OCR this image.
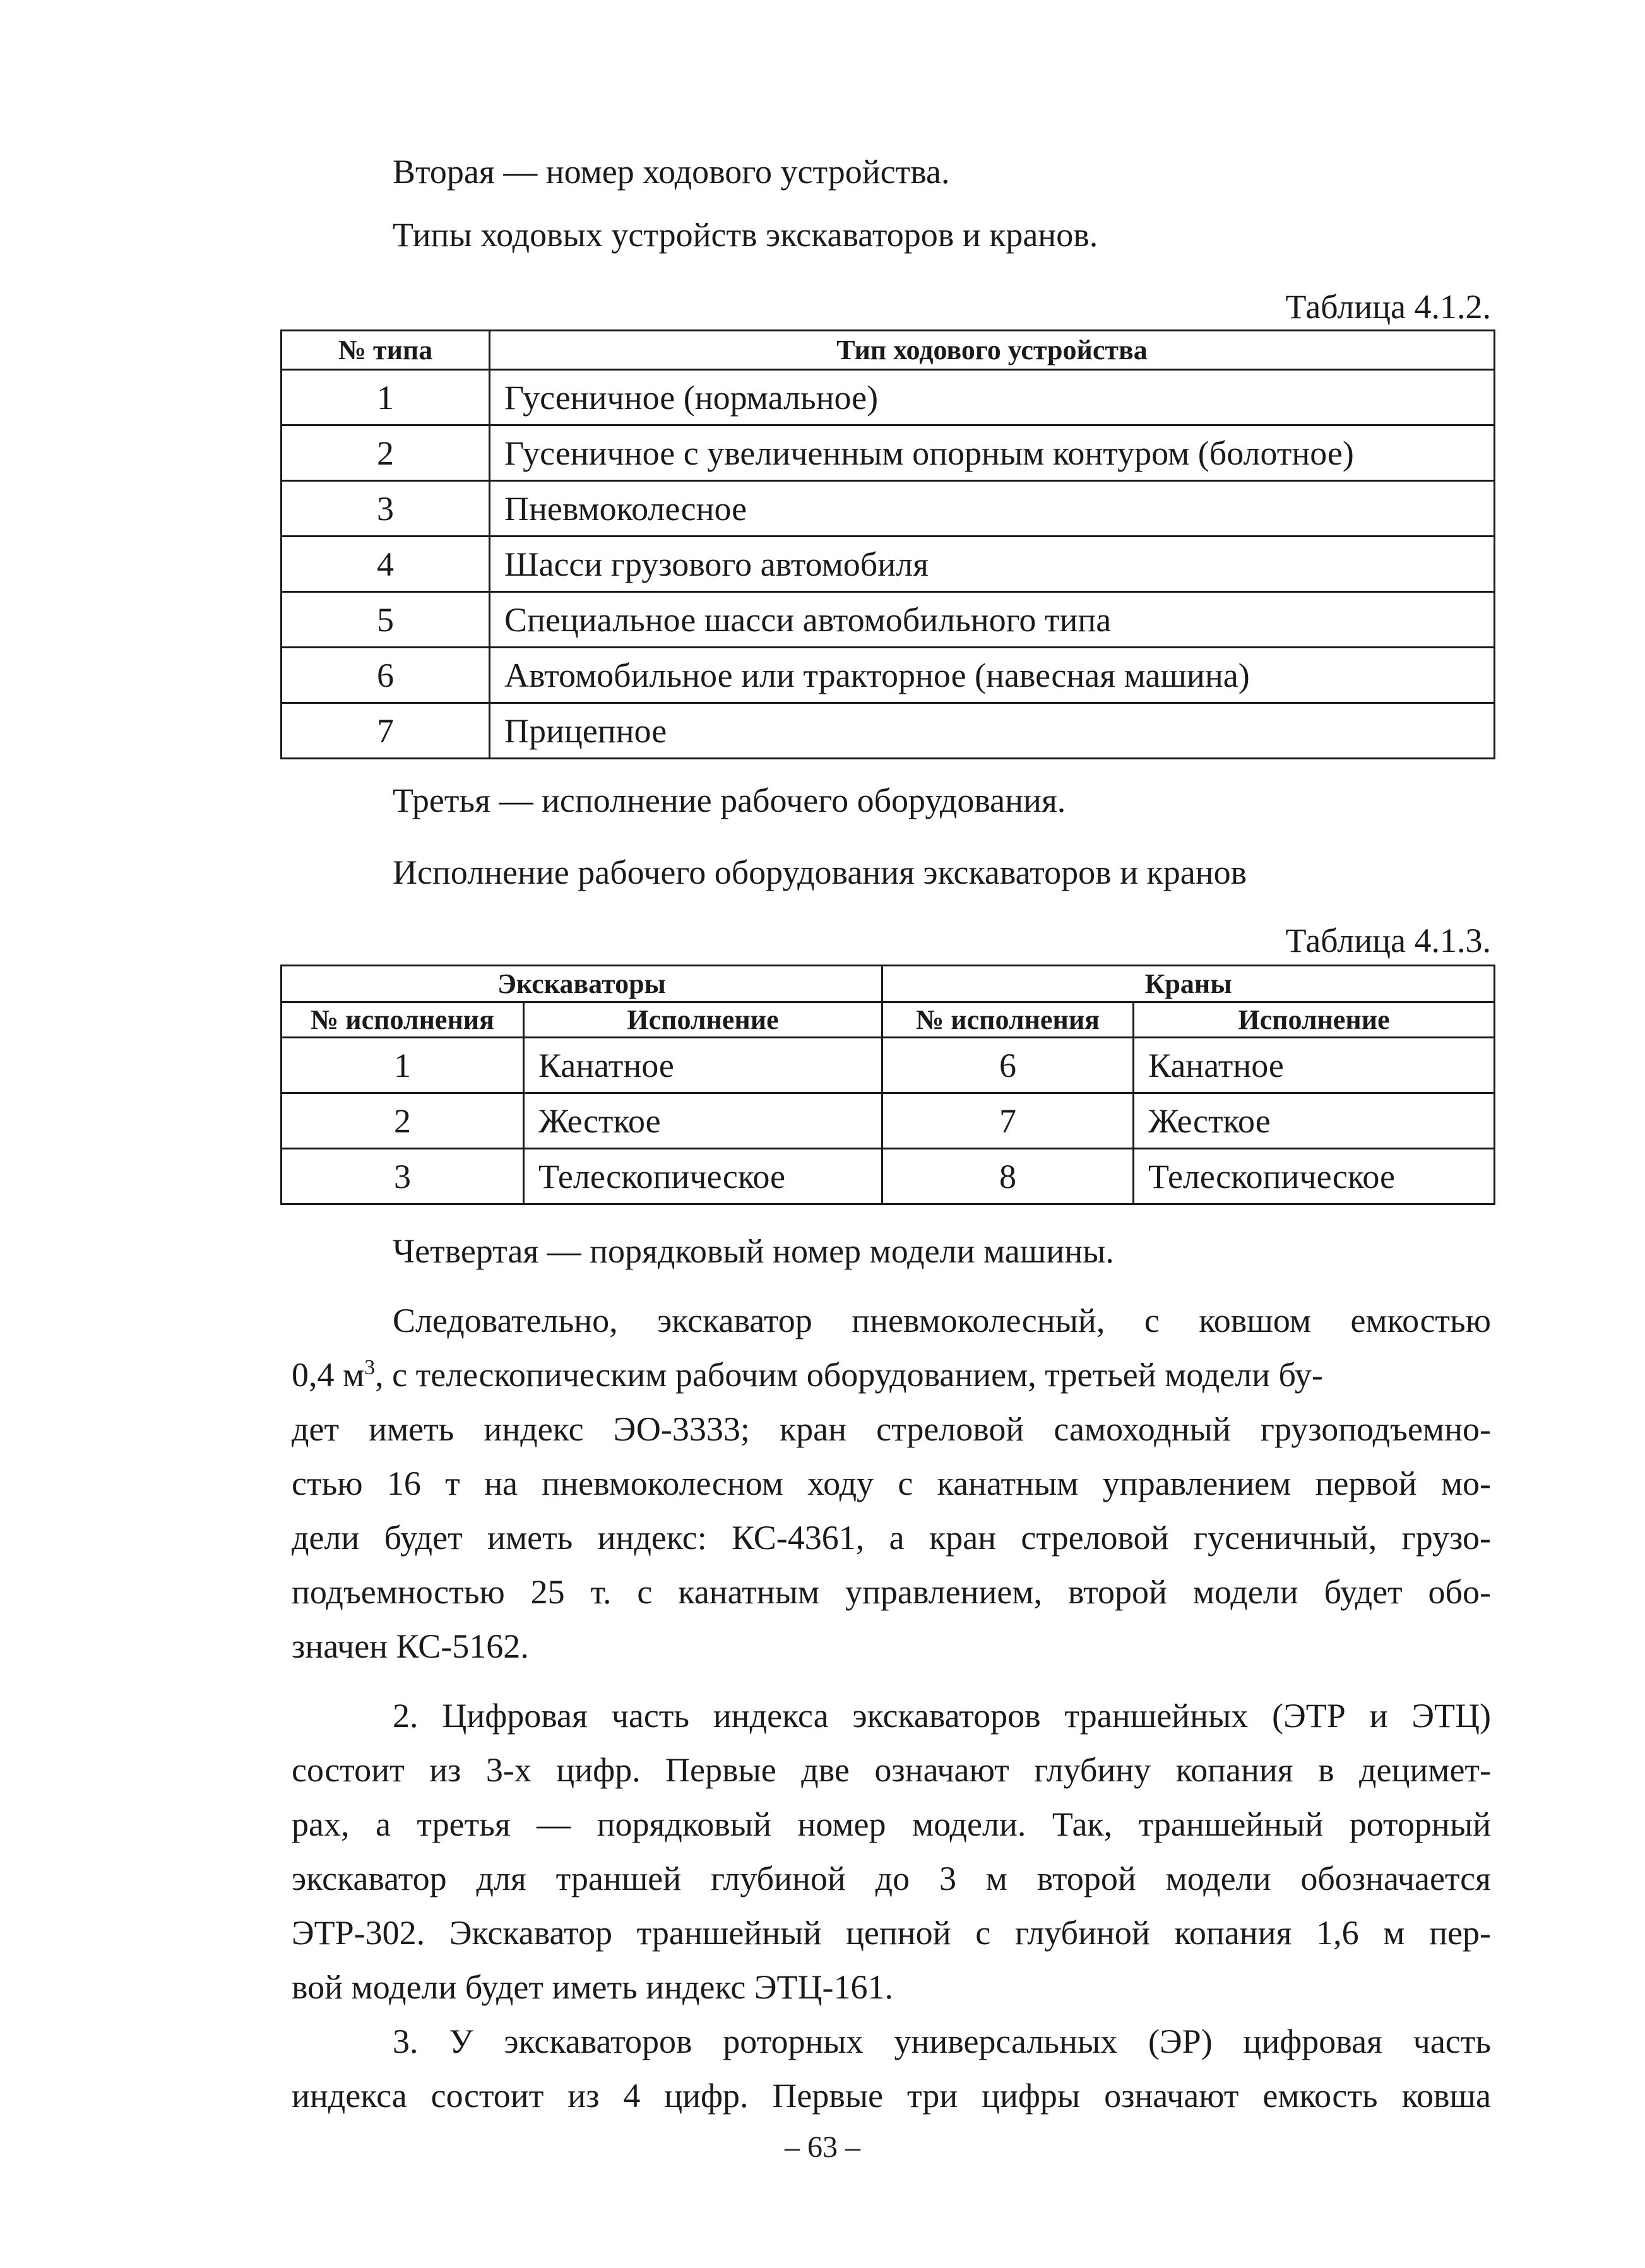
Вторая — номер ходового устройства.
Типы ходовых устройств экскаваторов и кранов.
Таблица 4.1.2.
№ типа	Тип ходового устройства
1	Гусеничное (нормальное)
2	Гусеничное с увеличенным опорным контуром (болотное)
3	Пневмоколесное
4	Шасси грузового автомобиля
5	Специальное шасси автомобильного типа
6	Автомобильное или тракторное (навесная машина)
7	Прицепное
Третья — исполнение рабочего оборудования.
Исполнение рабочего оборудования экскаваторов и кранов
Таблица 4.1.3.
Экскаваторы		Краны	
№ исполнения	Исполнение	№ исполнения	Исполнение
1	Канатное	6	Канатное
2	Жесткое	7	Жесткое
3	Телескопическое	8	Телескопическое
Четвертая — порядковый номер модели машины.
Следовательно, экскаватор пневмоколесный, с ковшом емкостью
0,4 $м^3$, с телескопическим рабочим оборудованием, третьей модели бу-
дет иметь индекс ЭО-3333; кран стреловой самоходный грузоподъемно-
стью 16 т на пневмоколесном ходу с канатным управлением первой мо-
дели будет иметь индекс: КС-4361, а кран стреловой гусеничный, грузо-
подъемностью 25 т. с канатным управлением, второй модели будет обо-
значен КС-5162.
2. Цифровая часть индекса экскаваторов траншейных (ЭТР и ЭТЦ)
состоит из 3-х цифр. Первые две означают глубину копания в децимет-
рах, а третья — порядковый номер модели. Так, траншейный роторный
экскаватор для траншей глубиной до 3 м второй модели обозначается
ЭТР-302. Экскаватор траншейный цепной с глубиной копания 1,6 м пер-
вой модели будет иметь индекс ЭТЦ-161.
3. У экскаваторов роторных универсальных (ЭР) цифровая часть
индекса состоит из 4 цифр. Первые три цифры означают емкость ковша
– 63 –
